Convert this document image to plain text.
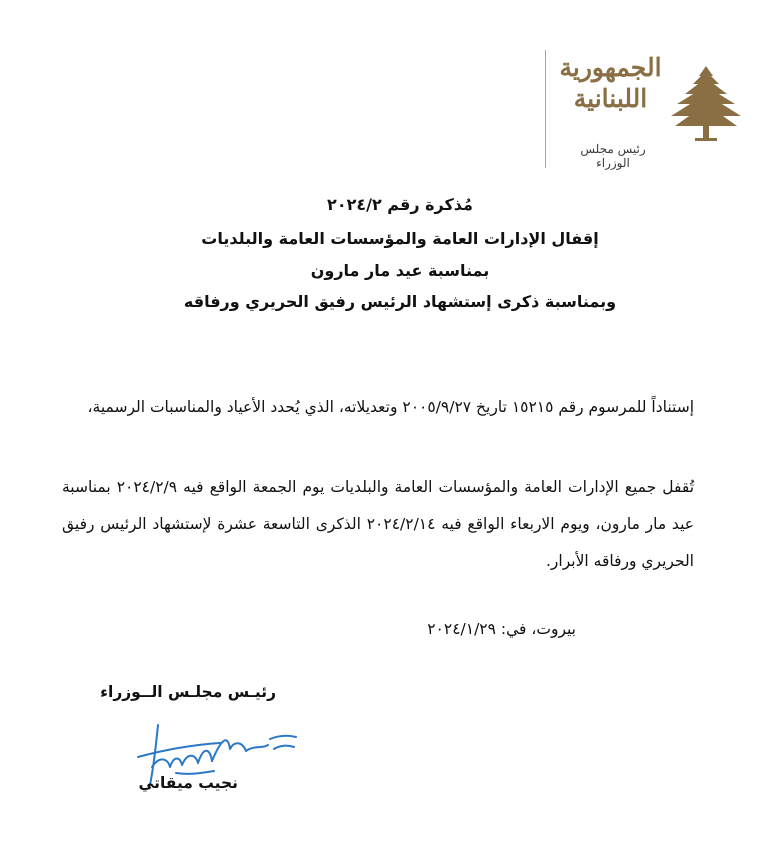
الجمهورية
اللبنانية
رئيس مجلس الوزراء
مُذكرة رقم ٢٠٢٤/٢
إقفال الإدارات العامة والمؤسسات العامة والبلديات
بمناسبة عيد مار مارون
وبمناسبة ذكرى إستشهاد الرئيس رفيق الحريري ورفاقه
إستناداً للمرسوم رقم ١٥٢١٥ تاريخ ٢٠٠٥/٩/٢٧ وتعديلاته، الذي يُحدد الأعياد والمناسبات الرسمية،
تُقفل جميع الإدارات العامة والمؤسسات العامة والبلديات يوم الجمعة الواقع فيه ٢٠٢٤/٢/٩ بمناسبة عيد مار مارون، ويوم الاربعاء الواقع فيه ٢٠٢٤/٢/١٤ الذكرى التاسعة عشرة لإستشهاد الرئيس رفيق الحريري ورفاقه الأبرار.
بيروت، في: ٢٠٢٤/١/٢٩
رئيـس مجلـس الــوزراء
نجيب ميقاتي
